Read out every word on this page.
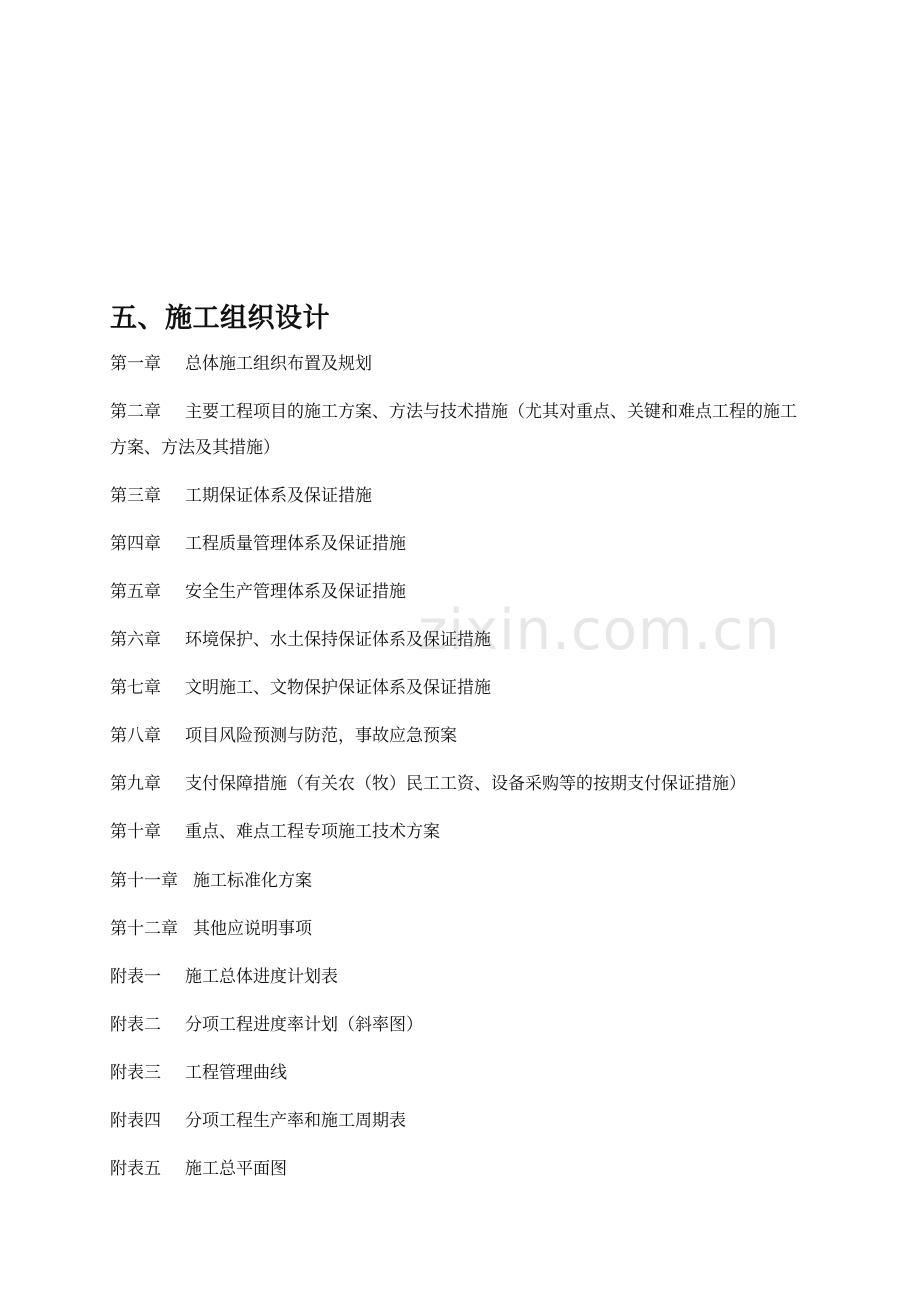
五、施工组织设计
zixin.com.cn
第一章 总体施工组织布置及规划
第二章 主要工程项目的施工方案、方法与技术措施（尤其对重点、关键和难点工程的施工
方案、方法及其措施）
第三章 工期保证体系及保证措施
第四章 工程质量管理体系及保证措施
第五章 安全生产管理体系及保证措施
第六章 环境保护、水土保持保证体系及保证措施
第七章 文明施工、文物保护保证体系及保证措施
第八章 项目风险预测与防范，事故应急预案
第九章 支付保障措施（有关农（牧）民工工资、设备采购等的按期支付保证措施）
第十章 重点、难点工程专项施工技术方案
第十一章 施工标准化方案
第十二章 其他应说明事项
附表一 施工总体进度计划表
附表二 分项工程进度率计划（斜率图）
附表三 工程管理曲线
附表四 分项工程生产率和施工周期表
附表五 施工总平面图
